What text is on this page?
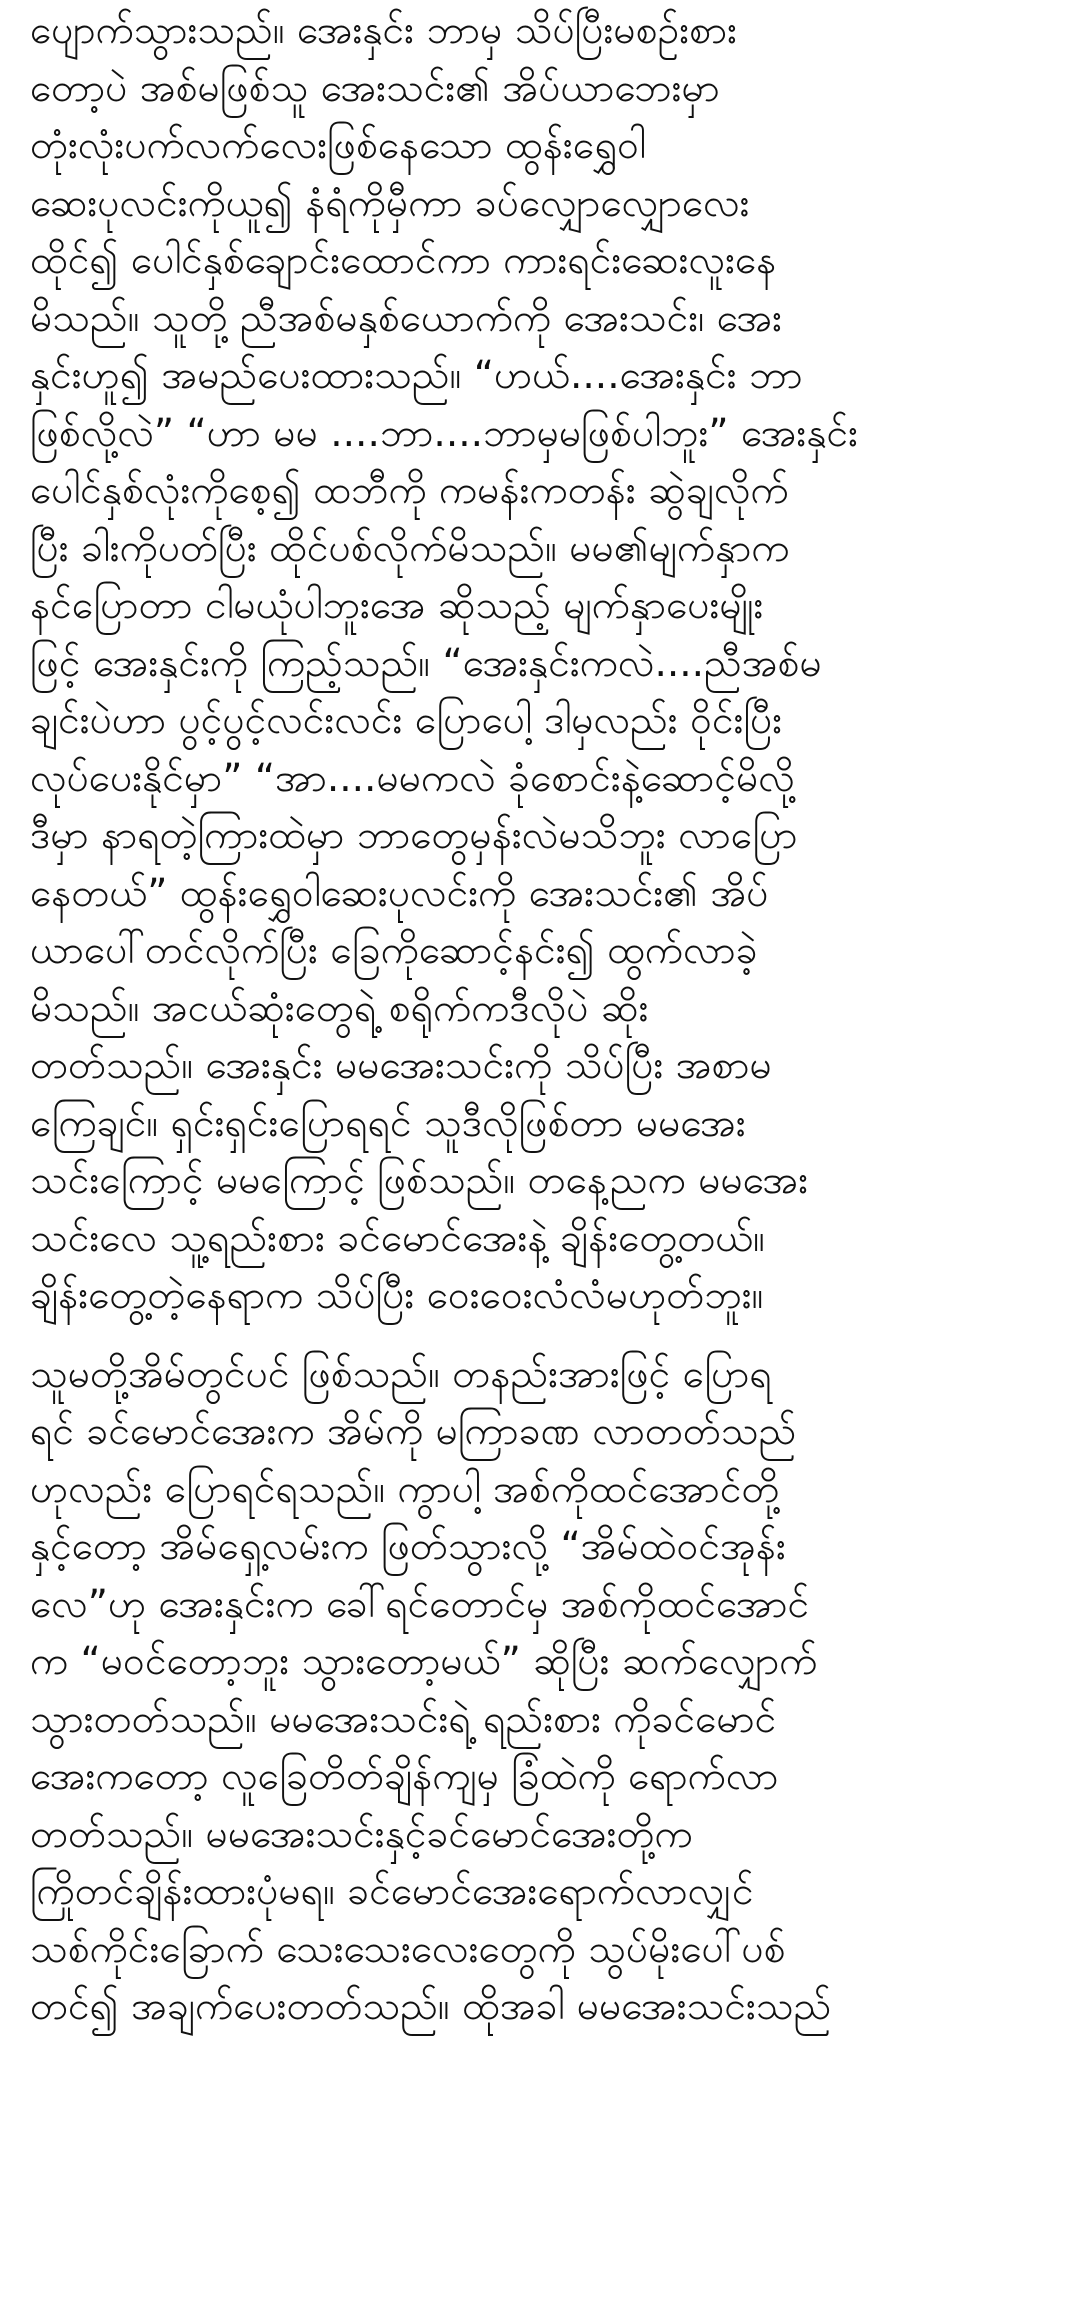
ပျောက်သွားသည်။ အေးနှင်း ဘာမှ သိပ်ပြီးမစဉ်းစား
တော့ပဲ အစ်မဖြစ်သူ အေးသင်း၏ အိပ်ယာဘေးမှာ
တုံးလုံးပက်လက်လေးဖြစ်နေသော ထွန်းရွှေဝါ
ဆေးပုလင်းကိုယူ၍ နံရံကိုမှီကာ ခပ်လျှောလျှောလေး
ထိုင်၍ ပေါင်နှစ်ချောင်းထောင်ကာ ကားရင်းဆေးလူးနေ
မိသည်။ သူတို့ ညီအစ်မနှစ်ယောက်ကို အေးသင်း၊ အေး
နှင်းဟူ၍ အမည်ပေးထားသည်။ “ဟယ်....အေးနှင်း ဘာ
ဖြစ်လို့လဲ” “ဟာ မမ ....ဘာ....ဘာမှမဖြစ်ပါဘူး” အေးနှင်း
ပေါင်နှစ်လုံးကိုစေ့၍ ထဘီကို ကမန်းကတန်း ဆွဲချလိုက်
ပြီး ခါးကိုပတ်ပြီး ထိုင်ပစ်လိုက်မိသည်။ မမ၏မျက်နှာက
နင်ပြောတာ ငါမယုံပါဘူးအေ ဆိုသည့် မျက်နှာပေးမျိုး
ဖြင့် အေးနှင်းကို ကြည့်သည်။ “အေးနှင်းကလဲ....ညီအစ်မ
ချင်းပဲဟာ ပွင့်ပွင့်လင်းလင်း ပြောပေါ့ ဒါမှလည်း ဝိုင်းပြီး
လုပ်ပေးနိုင်မှာ” “အာ....မမကလဲ ခုံစောင်းနဲ့ဆောင့်မိလို့
ဒီမှာ နာရတဲ့ကြားထဲမှာ ဘာတွေမှန်းလဲမသိဘူး လာပြော
နေတယ်” ထွန်းရွှေဝါဆေးပုလင်းကို အေးသင်း၏ အိပ်
ယာပေါ်တင်လိုက်ပြီး ခြေကိုဆောင့်နင်း၍ ထွက်လာခဲ့
မိသည်။ အငယ်ဆုံးတွေရဲ့ စရိုက်ကဒီလိုပဲ ဆိုး
တတ်သည်။ အေးနှင်း မမအေးသင်းကို သိပ်ပြီး အစာမ
ကြေချင်။ ရှင်းရှင်းပြောရရင် သူဒီလိုဖြစ်တာ မမအေး
သင်းကြောင့် မမကြောင့် ဖြစ်သည်။ တနေ့ညက မမအေး
သင်းလေ သူ့ရည်းစား ခင်မောင်အေးနဲ့ ချိန်းတွေ့တယ်။
ချိန်းတွေ့တဲ့နေရာက သိပ်ပြီး ဝေးဝေးလံလံမဟုတ်ဘူး။
သူမတို့အိမ်တွင်ပင် ဖြစ်သည်။ တနည်းအားဖြင့် ပြောရ
ရင် ခင်မောင်အေးက အိမ်ကို မကြာခဏ လာတတ်သည်
ဟုလည်း ပြောရင်ရသည်။ ကွာပါ့ အစ်ကိုထင်အောင်တို့
နှင့်တော့ အိမ်ရှေ့လမ်းက ဖြတ်သွားလို့ “အိမ်ထဲဝင်အုန်း
လေ”ဟု အေးနှင်းက ခေါ်ရင်တောင်မှ အစ်ကိုထင်အောင်
က “မဝင်တော့ဘူး သွားတော့မယ်” ဆိုပြီး ဆက်လျှောက်
သွားတတ်သည်။ မမအေးသင်းရဲ့ ရည်းစား ကိုခင်မောင်
အေးကတော့ လူခြေတိတ်ချိန်ကျမှ ခြံထဲကို ရောက်လာ
တတ်သည်။ မမအေးသင်းနှင့်ခင်မောင်အေးတို့က
ကြိုတင်ချိန်းထားပုံမရ။ ခင်မောင်အေးရောက်လာလျှင်
သစ်ကိုင်းခြောက် သေးသေးလေးတွေကို သွပ်မိုးပေါ်ပစ်
တင်၍ အချက်ပေးတတ်သည်။ ထိုအခါ မမအေးသင်းသည်
